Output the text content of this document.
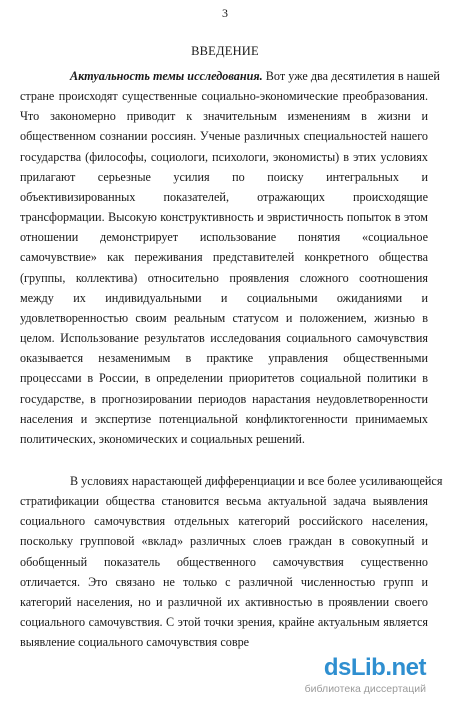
3
ВВЕДЕНИЕ
Актуальность темы исследования. Вот уже два десятилетия в нашей
стране происходят существенные социально-экономические преобразования.
Что закономерно приводит к значительным изменениям в жизни и
общественном сознании россиян. Ученые различных специальностей нашего
государства (философы, социологи, психологи, экономисты) в этих условиях
прилагают серьезные усилия по поиску интегральных и
объективизированных показателей, отражающих происходящие
трансформации. Высокую конструктивность и эвристичность попыток в этом
отношении демонстрирует использование понятия «социальное
самочувствие» как переживания представителей конкретного общества
(группы, коллектива) относительно проявления сложного соотношения
между их индивидуальными и социальными ожиданиями и
удовлетворенностью своим реальным статусом и положением, жизнью в
целом. Использование результатов исследования социального самочувствия
оказывается незаменимым в практике управления общественными
процессами в России, в определении приоритетов социальной политики в
государстве, в прогнозировании периодов нарастания неудовлетворенности
населения и экспертизе потенциальной конфликтогенности принимаемых
политических, экономических и социальных решений.
В условиях нарастающей дифференциации и все более усиливающейся
стратификации общества становится весьма актуальной задача выявления
социального самочувствия отдельных категорий российского населения,
поскольку групповой «вклад» различных слоев граждан в совокупный и
обобщенный показатель общественного самочувствия существенно
отличается. Это связано не только с различной численностью групп и
категорий населения, но и различной их активностью в проявлении своего
социального самочувствия. С этой точки зрения, крайне актуальным является
выявление социального самочувствия совре
dsLib.net
библиотека диссертаций
